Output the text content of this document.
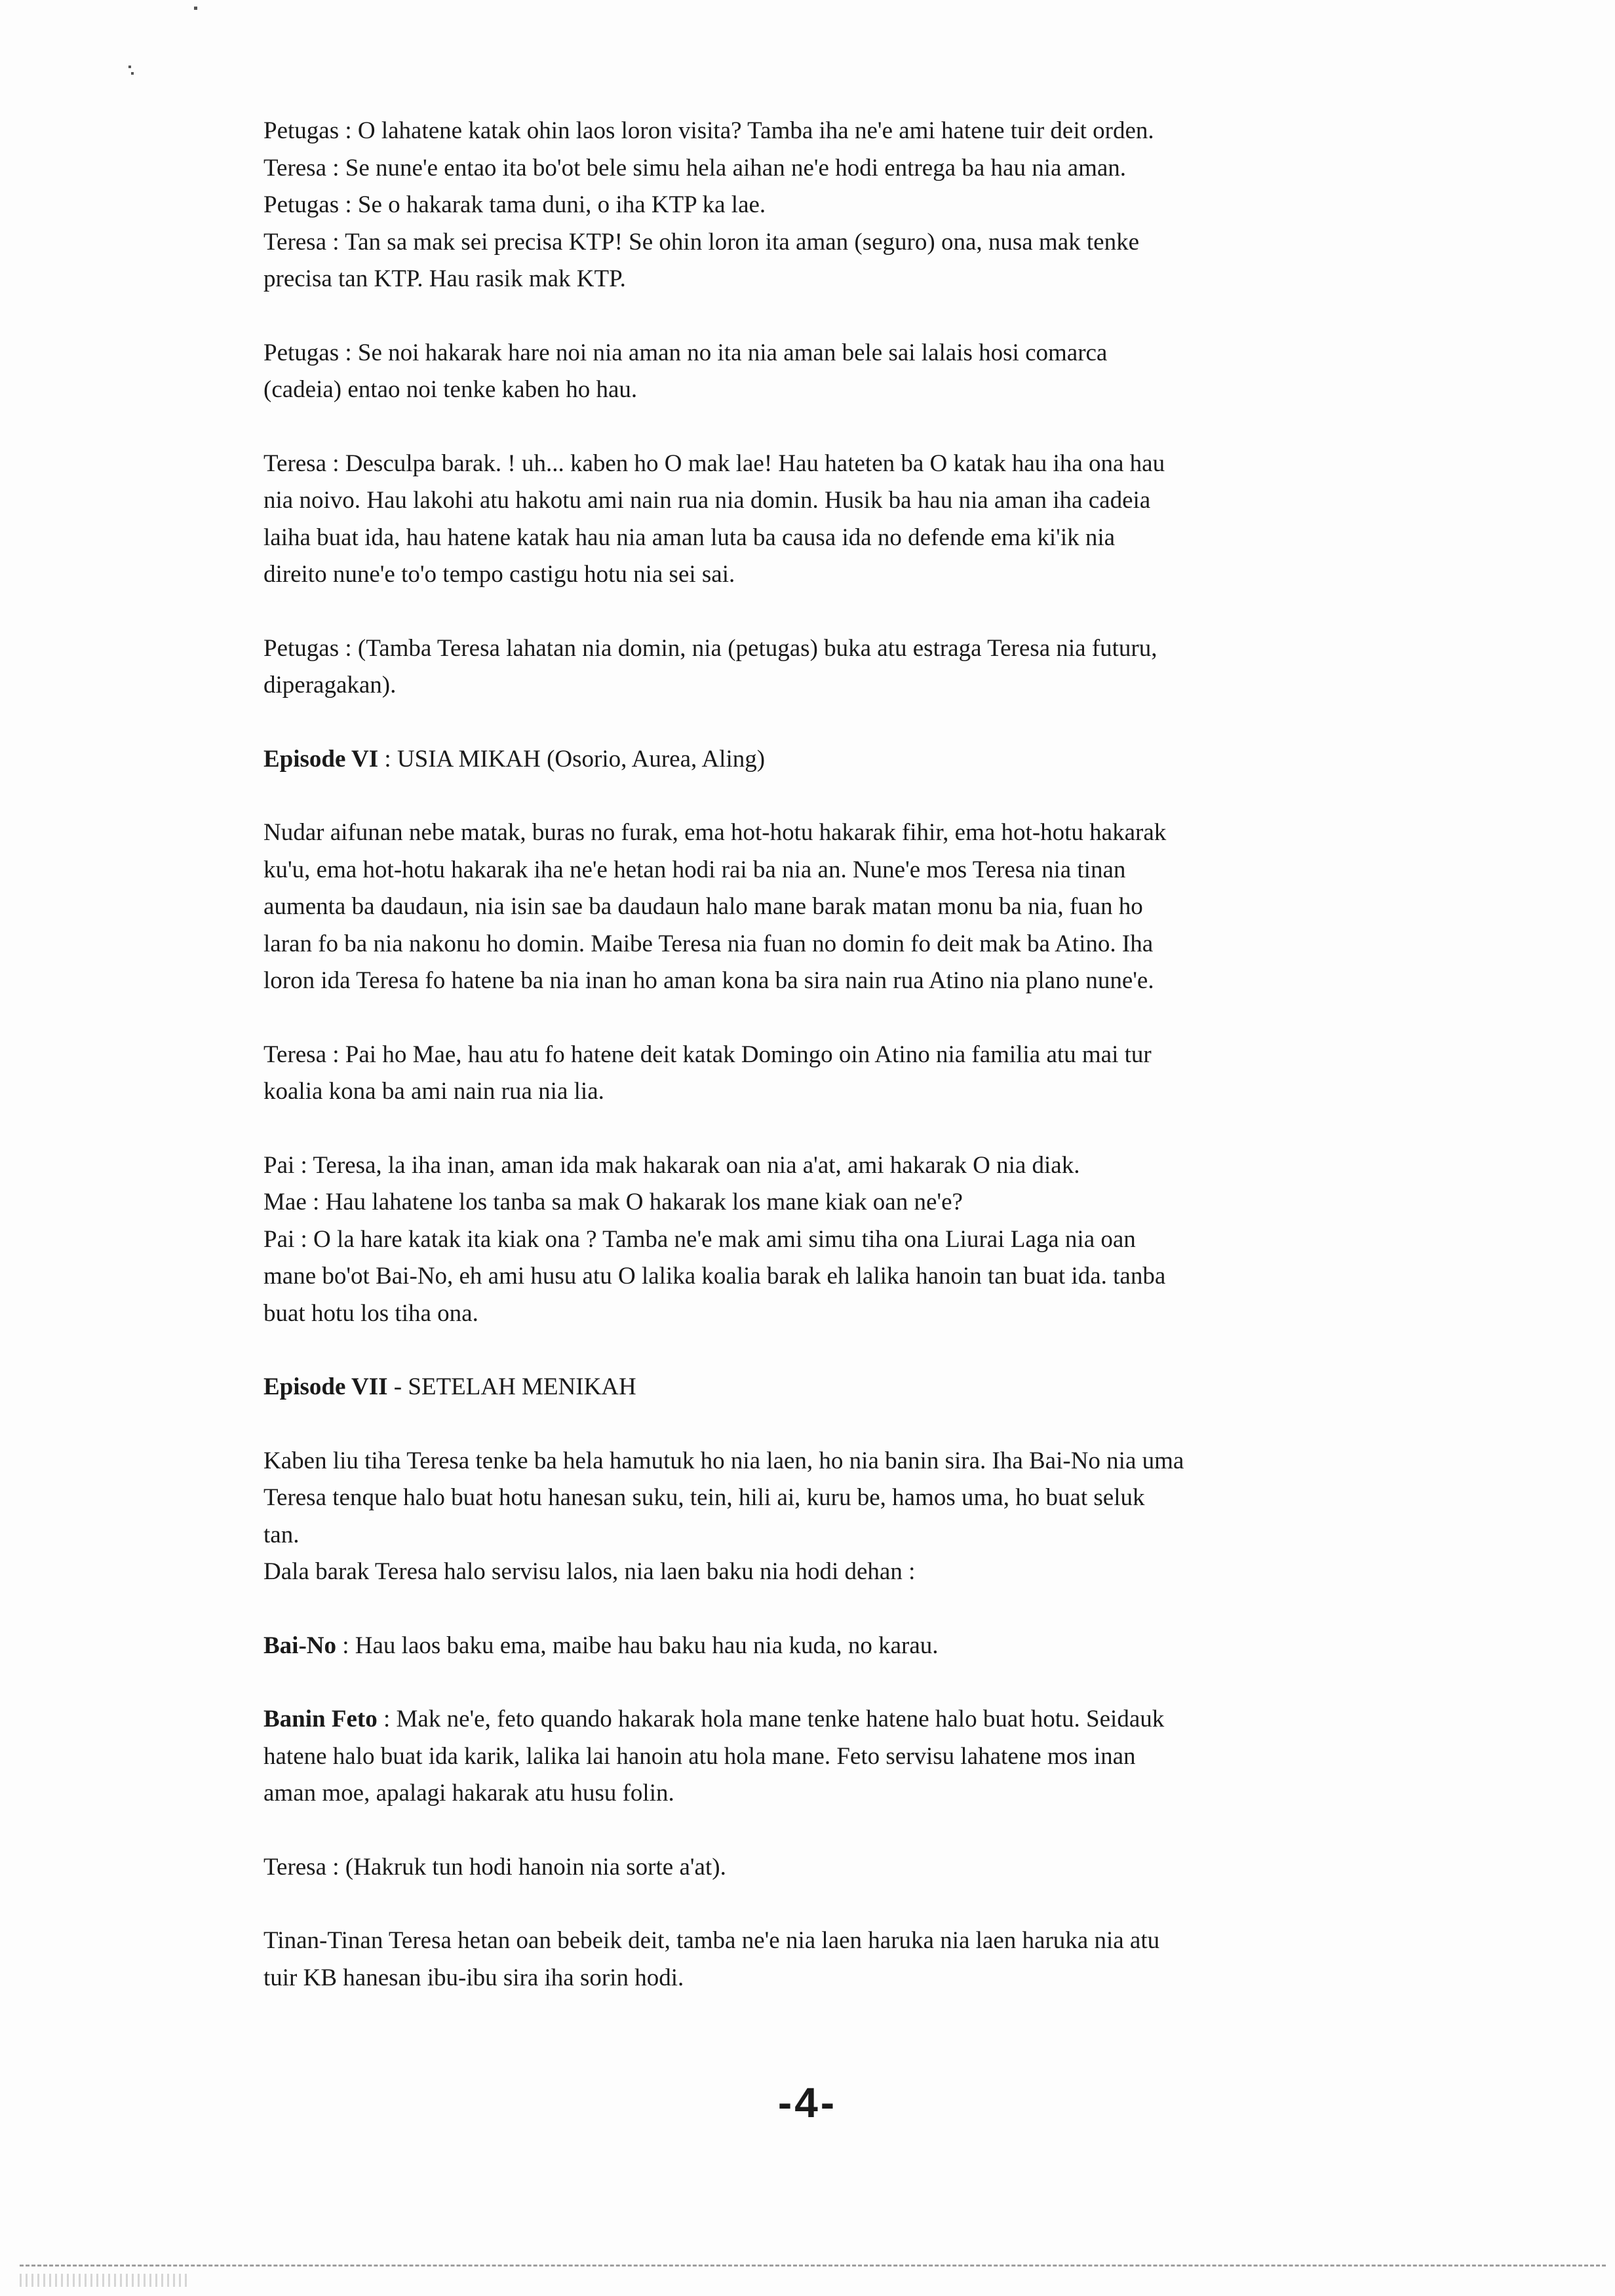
Petugas : O lahatene katak ohin laos loron visita? Tamba iha ne'e ami hatene tuir deit orden.
Teresa : Se nune'e entao ita bo'ot bele simu hela aihan ne'e hodi entrega ba hau nia aman.
Petugas : Se o hakarak tama duni, o iha KTP ka lae.
Teresa : Tan sa mak sei precisa KTP! Se ohin loron ita aman (seguro) ona, nusa mak tenke
precisa tan KTP. Hau rasik mak KTP.
Petugas : Se noi hakarak hare noi nia aman no ita nia aman bele sai lalais hosi comarca
(cadeia) entao noi tenke kaben ho hau.
Teresa : Desculpa barak. ! uh... kaben ho O mak lae! Hau hateten ba O katak hau iha ona hau
nia noivo. Hau lakohi atu hakotu ami nain rua nia domin. Husik ba hau nia aman iha cadeia
laiha buat ida, hau hatene katak hau nia aman luta ba causa ida no defende ema ki'ik nia
direito nune'e to'o tempo castigu hotu nia sei sai.
Petugas : (Tamba Teresa lahatan nia domin, nia (petugas) buka atu estraga Teresa nia futuru,
diperagakan).
Episode VI : USIA MIKAH (Osorio, Aurea, Aling)
Nudar aifunan nebe matak, buras no furak, ema hot-hotu hakarak fihir, ema hot-hotu hakarak
ku'u, ema hot-hotu hakarak iha ne'e hetan hodi rai ba nia an. Nune'e mos Teresa nia tinan
aumenta ba daudaun, nia isin sae ba daudaun halo mane barak matan monu ba nia, fuan ho
laran fo ba nia nakonu ho domin. Maibe Teresa nia fuan no domin fo deit mak ba Atino. Iha
loron ida Teresa fo hatene ba nia inan ho aman kona ba sira nain rua Atino nia plano nune'e.
Teresa : Pai ho Mae, hau atu fo hatene deit katak Domingo oin Atino nia familia atu mai tur
koalia kona ba ami nain rua nia lia.
Pai : Teresa, la iha inan, aman ida mak hakarak oan nia a'at, ami hakarak O nia diak.
Mae : Hau lahatene los tanba sa mak O hakarak los mane kiak oan ne'e?
Pai : O la hare katak ita kiak ona ? Tamba ne'e mak ami simu tiha ona Liurai Laga nia oan
mane bo'ot Bai-No, eh ami husu atu O lalika koalia barak eh lalika hanoin tan buat ida. tanba
buat hotu los tiha ona.
Episode VII - SETELAH MENIKAH
Kaben liu tiha Teresa tenke ba hela hamutuk ho nia laen, ho nia banin sira. Iha Bai-No nia uma
Teresa tenque halo buat hotu hanesan suku, tein, hili ai, kuru be, hamos uma, ho buat seluk
tan.
Dala barak Teresa halo servisu lalos, nia laen baku nia hodi dehan :
Bai-No : Hau laos baku ema, maibe hau baku hau nia kuda, no karau.
Banin Feto : Mak ne'e, feto quando hakarak hola mane tenke hatene halo buat hotu. Seidauk
hatene halo buat ida karik, lalika lai hanoin atu hola mane. Feto servisu lahatene mos inan
aman moe, apalagi hakarak atu husu folin.
Teresa : (Hakruk tun hodi hanoin nia sorte a'at).
Tinan-Tinan Teresa hetan oan bebeik deit, tamba ne'e nia laen haruka nia laen haruka nia atu
tuir KB hanesan ibu-ibu sira iha sorin hodi.
-4-
